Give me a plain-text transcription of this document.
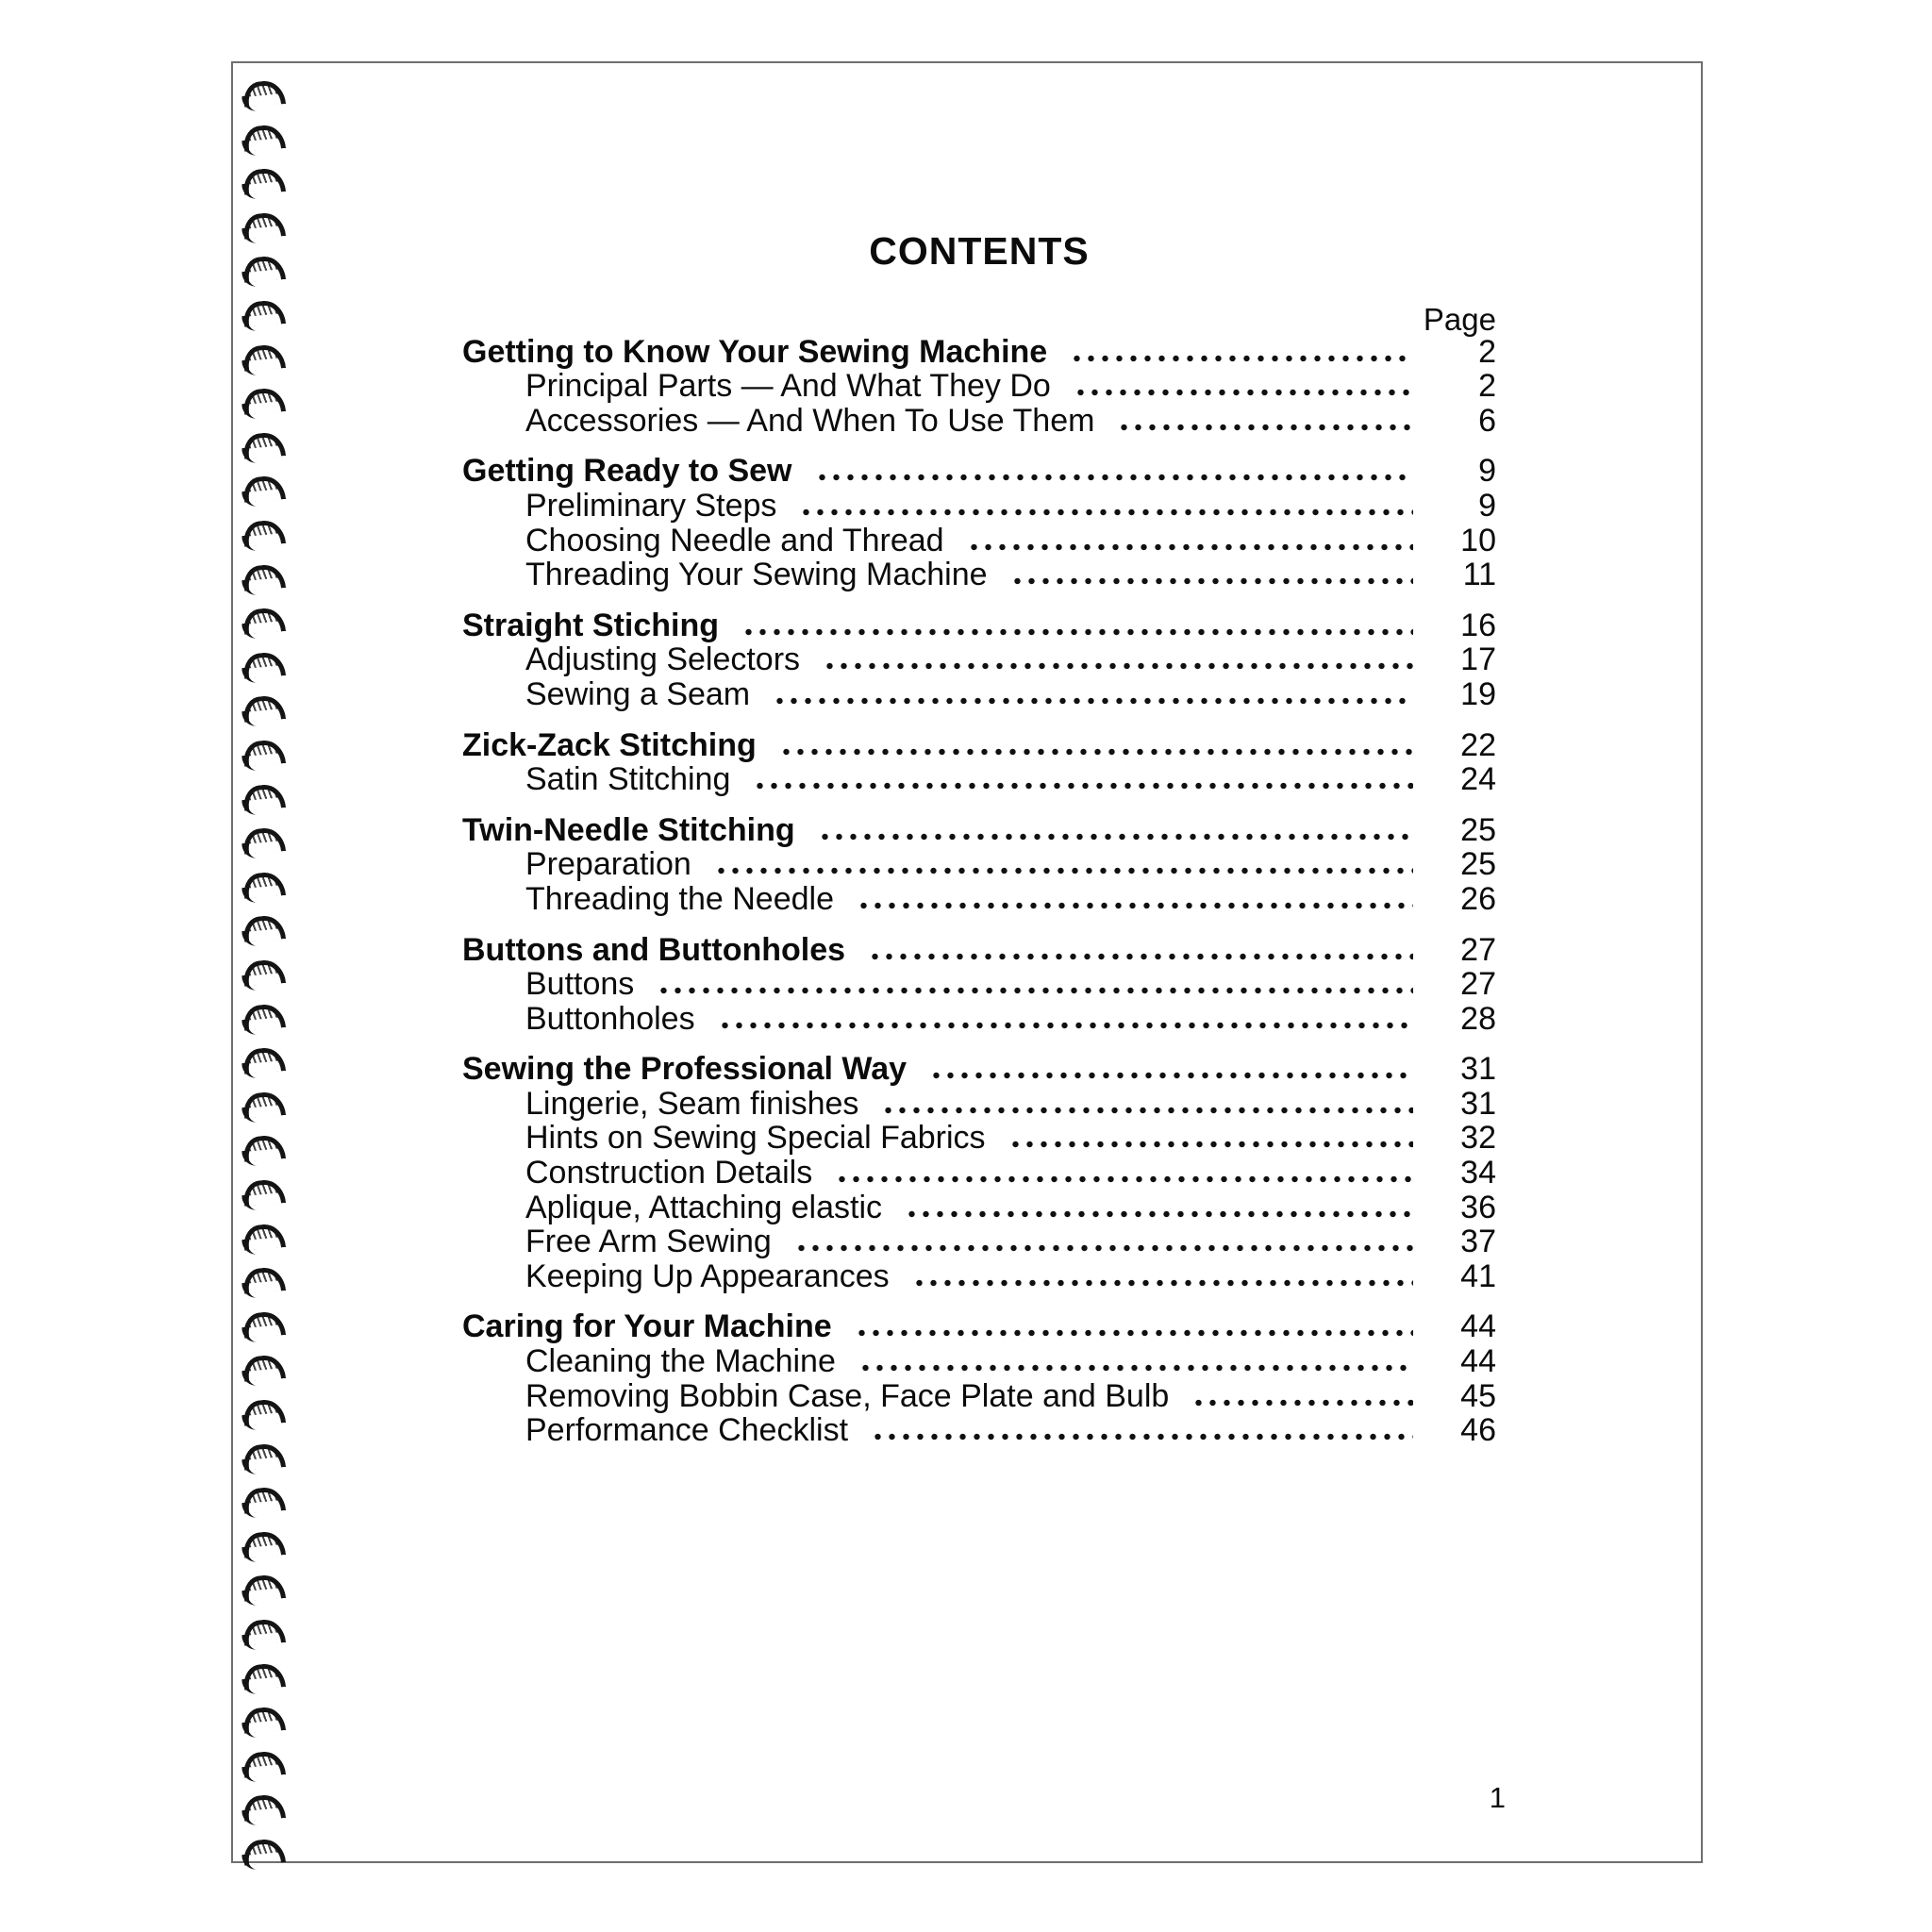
CONTENTS
Page
Getting to Know Your Sewing Machine	2
Principal Parts — And What They Do	2
Accessories — And When To Use Them	6
Getting Ready to Sew	9
Preliminary Steps	9
Choosing Needle and Thread	10
Threading Your Sewing Machine	11
Straight Stiching	16
Adjusting Selectors	17
Sewing a Seam	19
Zick-Zack Stitching	22
Satin Stitching	24
Twin-Needle Stitching	25
Preparation	25
Threading the Needle	26
Buttons and Buttonholes	27
Buttons	27
Buttonholes	28
Sewing the Professional Way	31
Lingerie, Seam finishes	31
Hints on Sewing Special Fabrics	32
Construction Details	34
Aplique, Attaching elastic	36
Free Arm Sewing	37
Keeping Up Appearances	41
Caring for Your Machine	44
Cleaning the Machine	44
Removing Bobbin Case, Face Plate and Bulb	45
Performance Checklist	46
1
